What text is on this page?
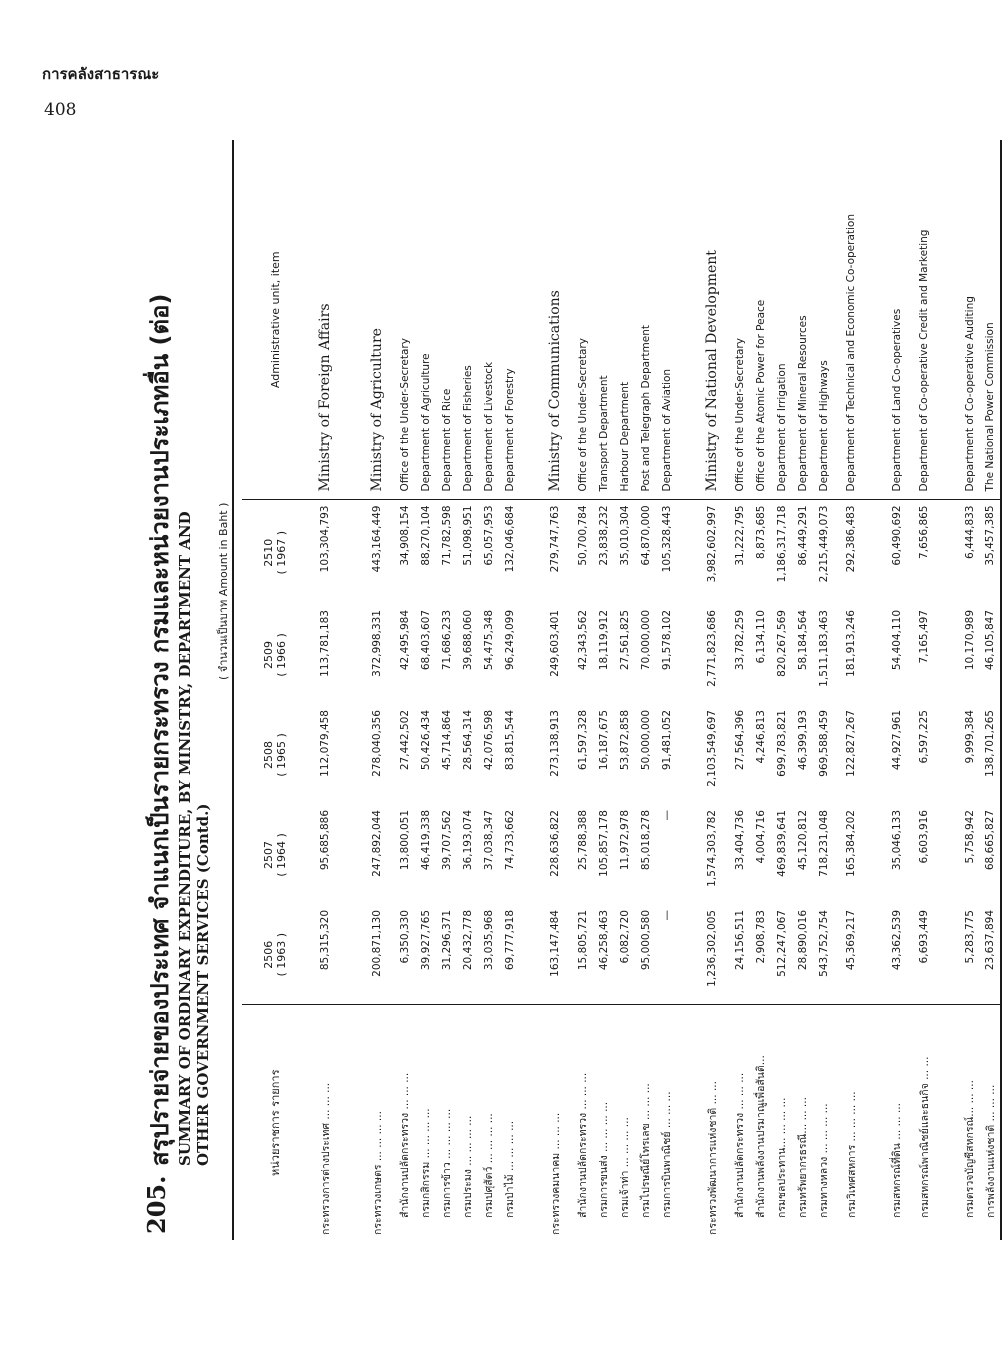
การคลังสาธารณะ
408
205.
สรุปรายจ่ายของประเทศ จำแนกเป็นรายกระทรวง กรมและหน่วยงานประเภทอื่น (ต่อ) SUMMARY OF ORDINARY EXPENDITURE, BY MINISTRY, DEPARTMENT AND OTHER GOVERNMENT SERVICES (Contd.)
( จำนวนเป็นบาท Amount in Baht )

หน่วยราชการ รายการ	2506
( 1963 )	2507
( 1964 )	2508
( 1965 )	2509
( 1966 )	2510
( 1967 )	Administrative unit, item
กระทรวงการต่างประเทศ ... ... ...	85,315,320	95,685,886	112,079,458	113,781,183	103,304,793	Ministry of Foreign Affairs

กระทรวงเกษตร ... ... ... ...	200,871,130	247,892,044	278,040,356	372,998,331	443,164,449	Ministry of Agriculture
สำนักงานปลัดกระทรวง ... ... ...	6,350,330	13,800,051	27,442,502	42,495,984	34,908,154	Office of the Under-Secretary
กรมกสิกรรม ... ... ... ...	39,927,765	46,419,338	50,426,434	68,403,607	88,270,104	Department of Agriculture
กรมการข้าว ... ... ... ...	31,296,371	39,707,562	45,714,864	71,686,233	71,782,598	Department of Rice
กรมประมง ... ... ... ...	20,432,778	36,193,074	28,564,314	39,688,060	51,098,951	Department of Fisheries
กรมปศุสัตว์ ... ... ... ...	33,035,968	37,038,347	42,076,598	54,475,348	65,057,953	Department of Livestock
กรมป่าไม้ ... ... ... ...	69,777,918	74,733,662	83,815,544	96,249,099	132,046,684	Department of Forestry

กระทรวงคมนาคม ... ... ...	163,147,484	228,636,822	273,138,913	249,603,401	279,747,763	Ministry of Communications
สำนักงานปลัดกระทรวง ... ... ...	15,805,721	25,788,388	61,597,328	42,343,562	50,700,784	Office of the Under-Secretary
กรมการขนส่ง ... ... ... ...	46,258,463	105,857,178	16,187,675	18,119,912	23,838,232	Transport Department
กรมเจ้าท่า ... ... ... ...	6,082,720	11,972,978	53,872,858	27,561,825	35,010,304	Harbour Department
กรมไปรษณีย์โทรเลข ... ... ...	95,000,580	85,018,278	50,000,000	70,000,000	64,870,000	Post and Telegraph Department
กรมการบินพาณิชย์ ... ... ...	—	—	91,481,052	91,578,102	105,328,443	Department of Aviation

กระทรวงพัฒนาการแห่งชาติ ... ...	1,236,302,005	1,574,303,782	2,103,549,697	2,771,823,686	3,982,602,997	Ministry of National Development
สำนักงานปลัดกระทรวง ... ... ...	24,156,511	33,404,736	27,564,396	33,782,259	31,222,795	Office of the Under-Secretary
สำนักงานพลังงานปรมาณูเพื่อสันติ...	2,908,783	4,004,716	4,246,813	6,134,110	8,873,685	Office of the Atomic Power for Peace
กรมชลประทาน... ... ... ...	512,247,067	469,839,641	699,783,821	820,267,569	1,186,317,718	Department of Irrigation
กรมทรัพยากรธรณี... ... ...	28,890,016	45,120,812	46,399,193	58,184,564	86,449,291	Department of Mineral Resources
กรมทางหลวง ... ... ... ...	543,752,754	718,231,048	969,588,459	1,511,183,463	2,215,449,073	Department of Highways
กรมวิเทศสหการ ... ... ... ...	45,369,217	165,384,202	122,827,267	181,913,246	292,386,483	Department of Technical and Economic Co-operation

กรมสหกรณ์ที่ดิน ... ... ...	43,362,539	35,046,133	44,927,961	54,404,110	60,490,692	Department of Land Co-operatives
กรมสหกรณ์พาณิชย์และธนกิจ ... ...	6,693,449	6,603,916	6,597,225	7,165,497	7,656,865	Department of Co-operative Credit and Marketing

กรมตรวจบัญชีสหกรณ์... ... ...	5,283,775	5,758,942	9,999,384	10,170,989	6,444,833	Department of Co-operative Auditing
การพลังงานแห่งชาติ ... ... ...	23,637,894	68,665,827	138,701,265	46,105,847	35,457,385	The National Power Commission
